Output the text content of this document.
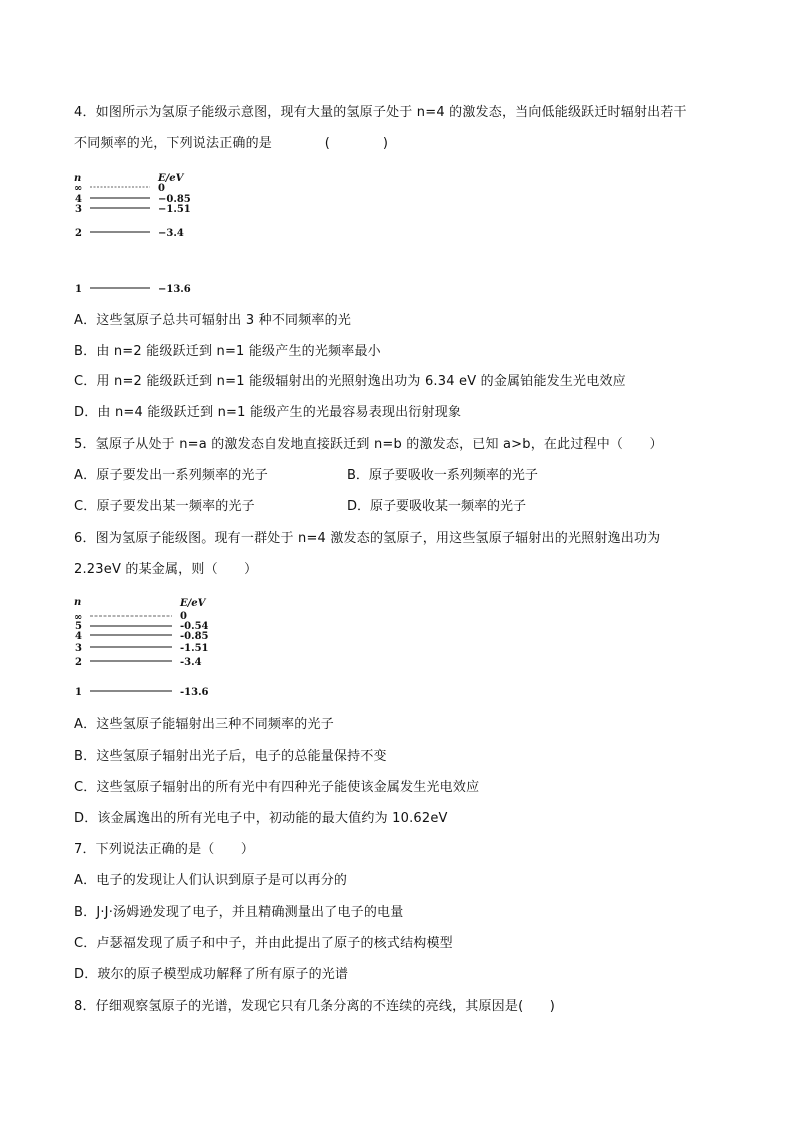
4．如图所示为氢原子能级示意图，现有大量的氢原子处于 n=4 的激发态，当向低能级跃迁时辐射出若干
不同频率的光，下列说法正确的是　　　　(　　　　)
n	E/eV
∞	0
4	−0.85
3	−1.51
2	−3.4
1	−13.6
A．这些氢原子总共可辐射出 3 种不同频率的光
B．由 n=2 能级跃迁到 n=1 能级产生的光频率最小
C．用 n=2 能级跃迁到 n=1 能级辐射出的光照射逸出功为 6.34 eV 的金属铂能发生光电效应
D．由 n=4 能级跃迁到 n=1 能级产生的光最容易表现出衍射现象
5．氢原子从处于 n=a 的激发态自发地直接跃迁到 n=b 的激发态，已知 a>b，在此过程中（　　）
A．原子要发出一系列频率的光子	B．原子要吸收一系列频率的光子
C．原子要发出某一频率的光子	D．原子要吸收某一频率的光子
6．图为氢原子能级图。现有一群处于 n=4 激发态的氢原子，用这些氢原子辐射出的光照射逸出功为
2.23eV 的某金属，则（　　）
n	E/eV
∞	0
5	-0.54
4	-0.85
3	-1.51
2	-3.4
1	-13.6
A．这些氢原子能辐射出三种不同频率的光子
B．这些氢原子辐射出光子后，电子的总能量保持不变
C．这些氢原子辐射出的所有光中有四种光子能使该金属发生光电效应
D．该金属逸出的所有光电子中，初动能的最大值约为 10.62eV
7．下列说法正确的是（　　）
A．电子的发现让人们认识到原子是可以再分的
B．J·J·汤姆逊发现了电子，并且精确测量出了电子的电量
C．卢瑟福发现了质子和中子，并由此提出了原子的核式结构模型
D．玻尔的原子模型成功解释了所有原子的光谱
8．仔细观察氢原子的光谱，发现它只有几条分离的不连续的亮线，其原因是(　　)
